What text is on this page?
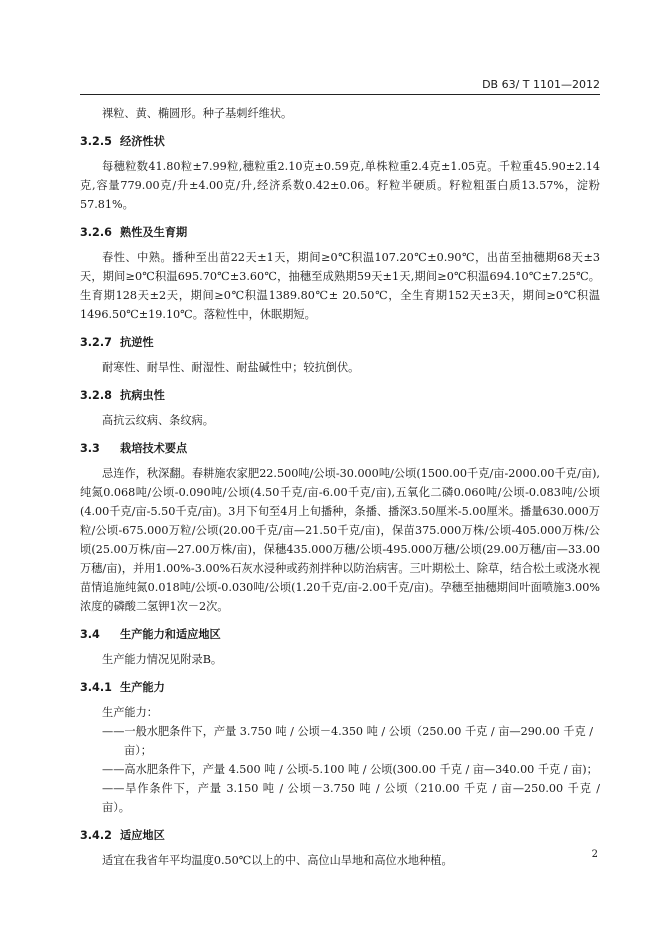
DB 63/ T 1101—2012

裸粒、黄、椭圆形。种子基刺纤维状。

3.2.5 经济性状

每穗粒数41.80粒±7.99粒,穗粒重2.10克±0.59克,单株粒重2.4克±1.05克。千粒重45.90±2.14克,容量779.00克/升±4.00克/升,经济系数0.42±0.06。籽粒半硬质。籽粒粗蛋白质13.57%，淀粉57.81%。

3.2.6 熟性及生育期

春性、中熟。播种至出苗22天±1天，期间≥0℃积温107.20℃±0.90℃，出苗至抽穗期68天±3天，期间≥0℃积温695.70℃±3.60℃，抽穗至成熟期59天±1天,期间≥0℃积温694.10℃±7.25℃。生育期128天±2天，期间≥0℃积温1389.80℃± 20.50℃，全生育期152天±3天，期间≥0℃积温1496.50℃±19.10℃。落粒性中，休眠期短。

3.2.7 抗逆性

耐寒性、耐旱性、耐湿性、耐盐碱性中；较抗倒伏。

3.2.8 抗病虫性

高抗云纹病、条纹病。

3.3 栽培技术要点

忌连作，秋深翻。春耕施农家肥22.500吨/公顷-30.000吨/公顷(1500.00千克/亩-2000.00千克/亩),纯氮0.068吨/公顷-0.090吨/公顷(4.50千克/亩-6.00千克/亩),五氧化二磷0.060吨/公顷-0.083吨/公顷(4.00千克/亩-5.50千克/亩)。3月下旬至4月上旬播种，条播、播深3.50厘米-5.00厘米。播量630.000万粒/公顷-675.000万粒/公顷(20.00千克/亩—21.50千克/亩)，保苗375.000万株/公顷-405.000万株/公顷(25.00万株/亩—27.00万株/亩)，保穗435.000万穗/公顷-495.000万穗/公顷(29.00万穗/亩—33.00万穗/亩)，并用1.00%-3.00%石灰水浸种或药剂拌种以防治病害。三叶期松土、除草，结合松土或浇水视苗情追施纯氮0.018吨/公顷-0.030吨/公顷(1.20千克/亩-2.00千克/亩)。孕穗至抽穗期间叶面喷施3.00%浓度的磷酸二氢钾1次－2次。

3.4 生产能力和适应地区

生产能力情况见附录B。

3.4.1 生产能力

生产能力：

——一般水肥条件下，产量 3.750 吨 / 公顷－4.350 吨 / 公顷（250.00 千克 / 亩—290.00 千克 /

亩）；

——高水肥条件下，产量 4.500 吨 / 公顷-5.100 吨 / 公顷(300.00 千克 / 亩—340.00 千克 / 亩)；

——旱作条件下，产量 3.150 吨 / 公顷－3.750 吨 / 公顷（210.00 千克 / 亩—250.00 千克 / 亩）。

3.4.2 适应地区

适宜在我省年平均温度0.50℃以上的中、高位山旱地和高位水地种植。	2
